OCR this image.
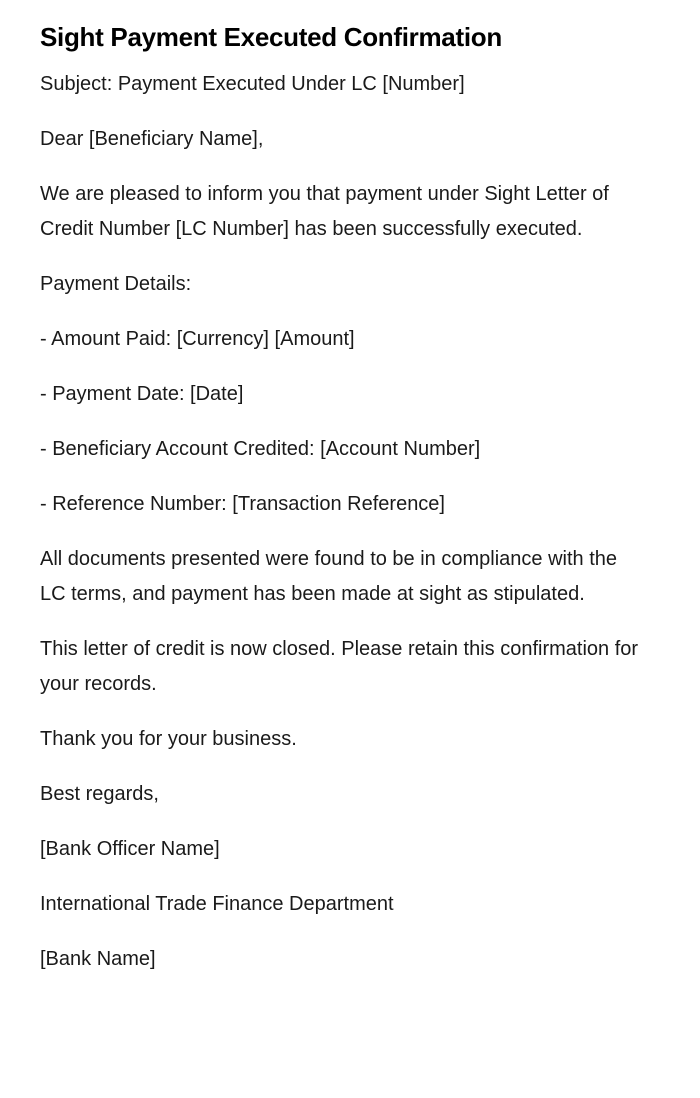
Sight Payment Executed Confirmation

Subject: Payment Executed Under LC [Number]

Dear [Beneficiary Name],

We are pleased to inform you that payment under Sight Letter of Credit Number [LC Number] has been successfully executed.

Payment Details:

- Amount Paid: [Currency] [Amount]

- Payment Date: [Date]

- Beneficiary Account Credited: [Account Number]

- Reference Number: [Transaction Reference]

All documents presented were found to be in compliance with the LC terms, and payment has been made at sight as stipulated.

This letter of credit is now closed. Please retain this confirmation for your records.

Thank you for your business.

Best regards,

[Bank Officer Name]

International Trade Finance Department

[Bank Name]
